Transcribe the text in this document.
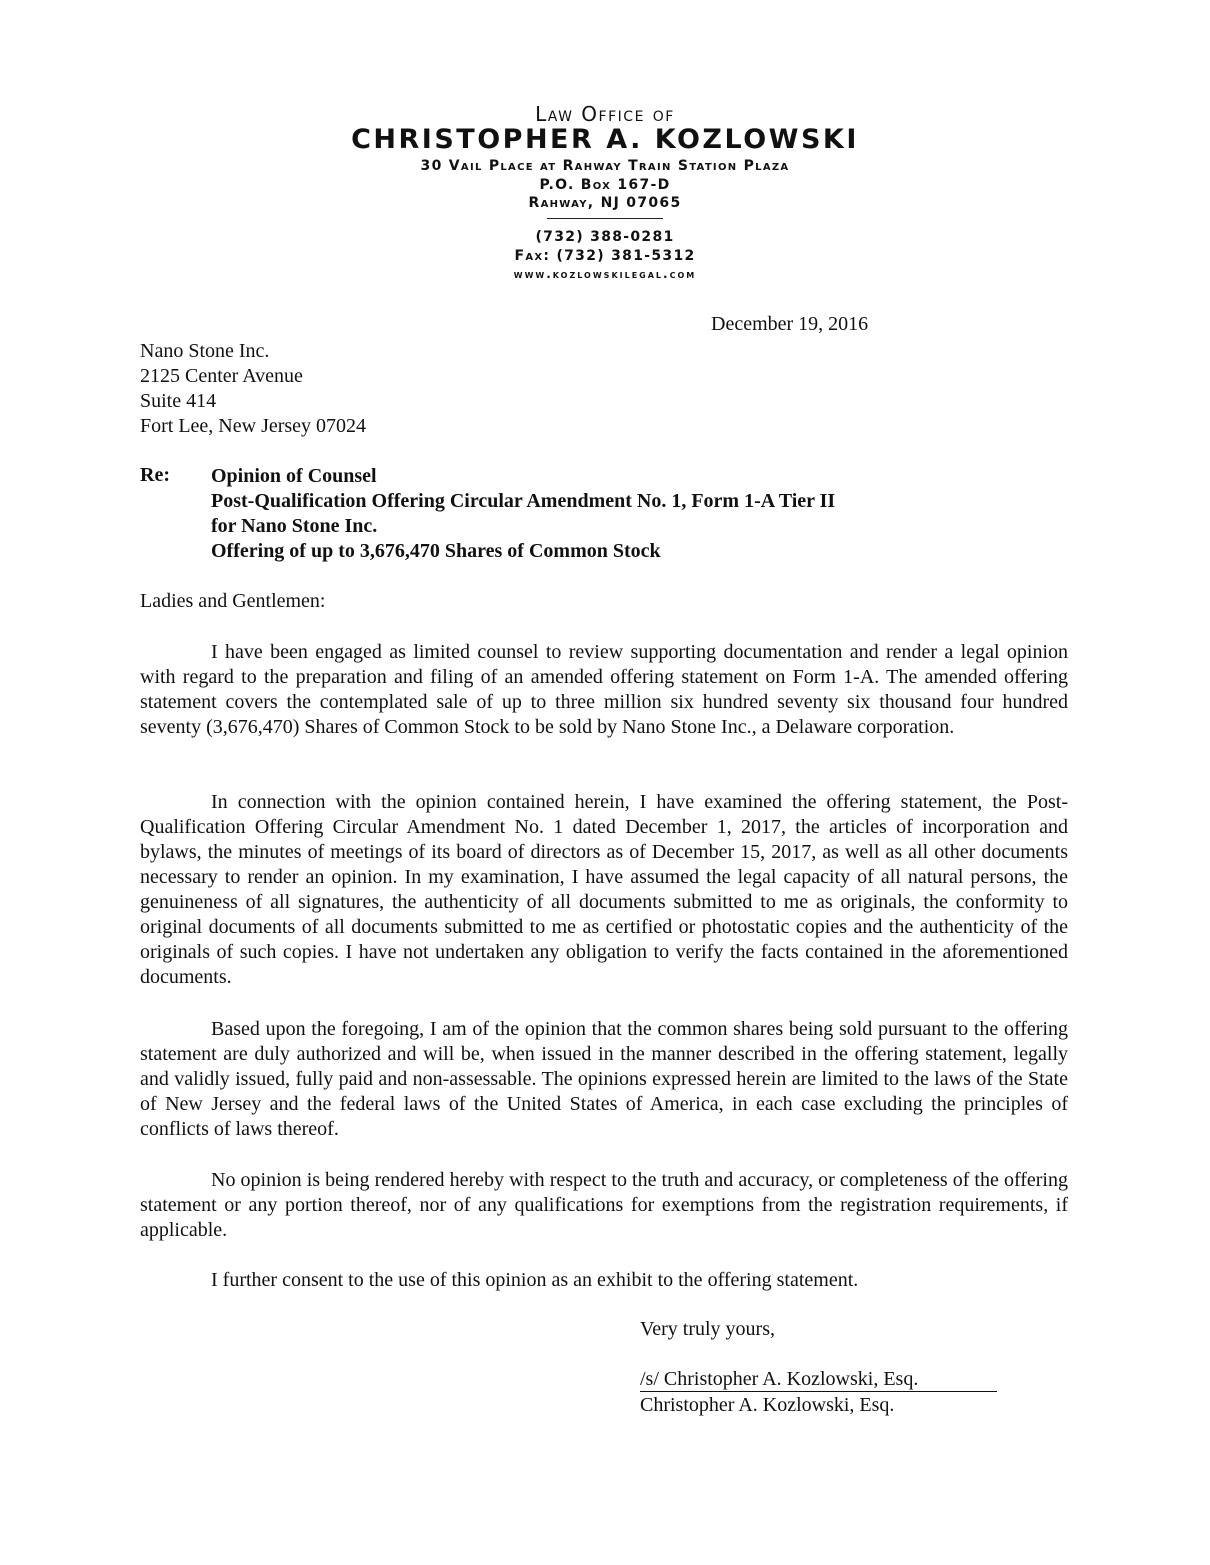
Law Office of
CHRISTOPHER A. KOZLOWSKI
30 Vail Place at Rahway Train Station Plaza
P.O. Box 167-D
Rahway, NJ 07065
(732) 388-0281
Fax: (732) 381-5312
www.kozlowskilegal.com
December 19, 2016
Nano Stone Inc.
2125 Center Avenue
Suite 414
Fort Lee, New Jersey 07024
Re: Opinion of Counsel
Post-Qualification Offering Circular Amendment No. 1, Form 1-A Tier II
for Nano Stone Inc.
Offering of up to 3,676,470 Shares of Common Stock
Ladies and Gentlemen:

I have been engaged as limited counsel to review supporting documentation and render a legal opinion with regard to the preparation and filing of an amended offering statement on Form 1-A. The amended offering statement covers the contemplated sale of up to three million six hundred seventy six thousand four hundred seventy (3,676,470) Shares of Common Stock to be sold by Nano Stone Inc., a Delaware corporation.

In connection with the opinion contained herein, I have examined the offering statement, the Post-Qualification Offering Circular Amendment No. 1 dated December 1, 2017, the articles of incorporation and bylaws, the minutes of meetings of its board of directors as of December 15, 2017, as well as all other documents necessary to render an opinion. In my examination, I have assumed the legal capacity of all natural persons, the genuineness of all signatures, the authenticity of all documents submitted to me as originals, the conformity to original documents of all documents submitted to me as certified or photostatic copies and the authenticity of the originals of such copies. I have not undertaken any obligation to verify the facts contained in the aforementioned documents.

Based upon the foregoing, I am of the opinion that the common shares being sold pursuant to the offering statement are duly authorized and will be, when issued in the manner described in the offering statement, legally and validly issued, fully paid and non-assessable. The opinions expressed herein are limited to the laws of the State of New Jersey and the federal laws of the United States of America, in each case excluding the principles of conflicts of laws thereof.

No opinion is being rendered hereby with respect to the truth and accuracy, or completeness of the offering statement or any portion thereof, nor of any qualifications for exemptions from the registration requirements, if applicable.

I further consent to the use of this opinion as an exhibit to the offering statement.

Very truly yours,
/s/ Christopher A. Kozlowski, Esq.
Christopher A. Kozlowski, Esq.
